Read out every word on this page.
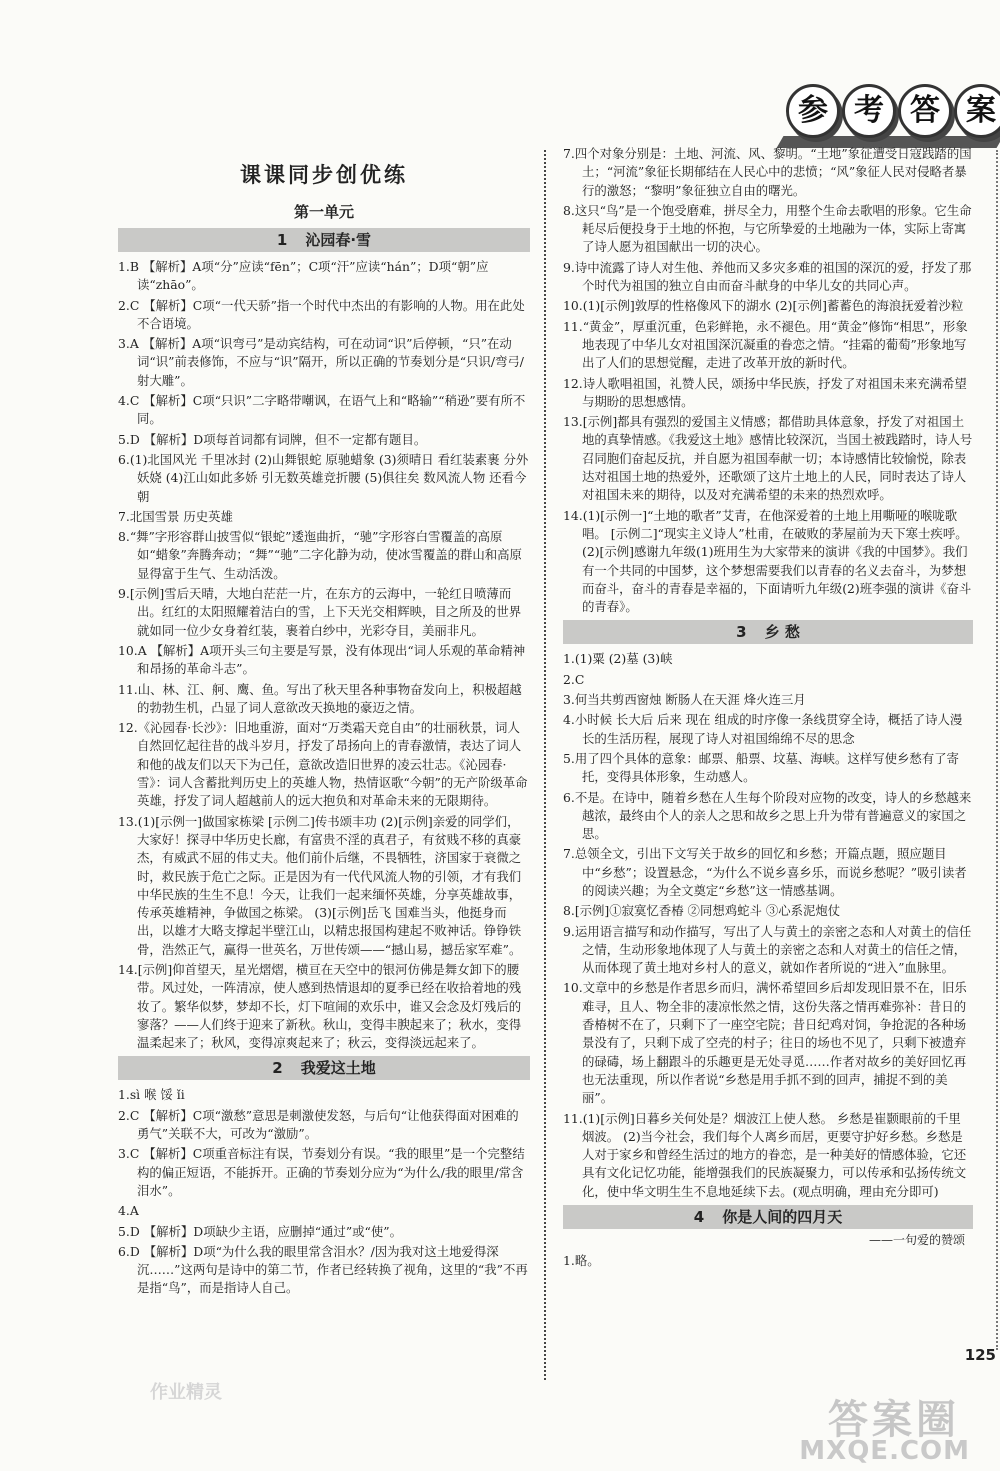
参 考 答 案
课课同步创优练
第一单元
1 沁园春·雪
1.B 【解析】A项“分”应读“fēn”；C项“汗”应读“hán”；D项“朝”应读“zhāo”。
2.C 【解析】C项“一代天骄”指一个时代中杰出的有影响的人物。用在此处不合语境。
3.A 【解析】A项“识弯弓”是动宾结构，可在动词“识”后停顿，“只”在动词“识”前表修饰，不应与“识”隔开，所以正确的节奏划分是“只识/弯弓/射大雕”。
4.C 【解析】C项“只识”二字略带嘲讽，在语气上和“略输”“稍逊”要有所不同。
5.D 【解析】D项每首词都有词牌，但不一定都有题目。
6.(1)北国风光 千里冰封 (2)山舞银蛇 原驰蜡象 (3)须晴日 看红装素裹 分外妖娆 (4)江山如此多娇 引无数英雄竞折腰 (5)俱往矣 数风流人物 还看今朝
7.北国雪景 历史英雄
8.“舞”字形容群山披雪似“银蛇”逶迤曲折，“驰”字形容白雪覆盖的高原如“蜡象”奔腾奔动；“舞”“驰”二字化静为动，使冰雪覆盖的群山和高原显得富于生气、生动活泼。
9.[示例]雪后天晴，大地白茫茫一片，在东方的云海中，一轮红日喷薄而出。红红的太阳照耀着洁白的雪，上下天光交相辉映，目之所及的世界就如同一位少女身着红装，裹着白纱中，光彩夺目，美丽非凡。
10.A 【解析】A项开头三句主要是写景，没有体现出“词人乐观的革命精神和昂扬的革命斗志”。
11.山、林、江、舸、鹰、鱼。写出了秋天里各种事物奋发向上，积极超越的勃勃生机，凸显了词人意欲改天换地的豪迈之情。
12.《沁园春·长沙》：旧地重游，面对“万类霜天竞自由”的壮丽秋景，词人自然回忆起往昔的战斗岁月，抒发了昂扬向上的青春激情，表达了词人和他的战友们以天下为己任，意欲改造旧世界的凌云壮志。《沁园春·雪》：词人含蓄批判历史上的英雄人物，热情讴歌“今朝”的无产阶级革命英雄，抒发了词人超越前人的远大抱负和对革命未来的无限期待。
13.(1)[示例一]做国家栋梁 [示例二]传书颂丰功 (2)[示例]亲爱的同学们，大家好！探寻中华历史长廊，有富贵不淫的真君子，有贫贱不移的真豪杰，有威武不屈的伟丈夫。他们前仆后继，不畏牺牲，济国家于衰微之时，救民族于危亡之际。正是因为有一代代风流人物的引领，才有我们中华民族的生生不息！今天，让我们一起来缅怀英雄，分享英雄故事，传承英雄精神，争做国之栋梁。 (3)[示例]岳飞 国难当头，他挺身而出，以雄才大略支撑起半壁江山，以精忠报国构建起不败神话。铮铮铁骨，浩然正气，赢得一世英名，万世传颂——“撼山易，撼岳家军难”。
14.[示例]仰首望天，星光熠熠，横亘在天空中的银河仿佛是舞女卸下的腰带。风过处，一阵清凉，使人感到热情退却的夏季已经在收拾着地的残妆了。繁华似梦，梦却不长，灯下喧闹的欢乐中，谁又会念及灯残后的寥落？——人们终于迎来了新秋。秋山，变得丰腴起来了；秋水，变得温柔起来了；秋风，变得凉爽起来了；秋云，变得淡远起来了。
2 我爱这土地
1.sì 喉 馁 ǐi
2.C 【解析】C项“激愁”意思是刺激使发怒，与后句“让他获得面对困难的勇气”关联不大，可改为“激励”。
3.C 【解析】C项重音标注有误，节奏划分有误。“我的眼里”是一个完整结构的偏正短语，不能拆开。正确的节奏划分应为“为什么/我的眼里/常含泪水”。
4.A
5.D 【解析】D项缺少主语，应删掉“通过”或“使”。
6.D 【解析】D项“为什么我的眼里常含泪水？/因为我对这土地爱得深沉……”这两句是诗中的第二节，作者已经转换了视角，这里的“我”不再是指“鸟”，而是指诗人自己。
7.四个对象分别是：土地、河流、风、黎明。“土地”象征遭受日寇践踏的国土；“河流”象征长期郁结在人民心中的悲愤；“风”象征人民对侵略者暴行的激怒；“黎明”象征独立自由的曙光。
8.这只“鸟”是一个饱受磨难，拼尽全力，用整个生命去歌唱的形象。它生命耗尽后便投身于土地的怀抱，与它所挚爱的土地融为一体，实际上寄寓了诗人愿为祖国献出一切的决心。
9.诗中流露了诗人对生他、养他而又多灾多难的祖国的深沉的爱，抒发了那个时代为祖国的独立自由而奋斗献身的中华儿女的共同心声。
10.(1)[示例]敦厚的性格像风下的湖水 (2)[示例]蓄蓄色的海浪抚爱着沙粒
11.“黄金”，厚重沉重，色彩鲜艳，永不褪色。用“黄金”修饰“相思”，形象地表现了中华儿女对祖国深沉凝重的眷恋之情。“挂霜的葡萄”形象地写出了人们的思想觉醒，走进了改革开放的新时代。
12.诗人歌唱祖国，礼赞人民，颂扬中华民族，抒发了对祖国未来充满希望与期盼的思想感情。
13.[示例]都具有强烈的爱国主义情感；都借助具体意象，抒发了对祖国土地的真挚情感。《我爱这土地》感情比较深沉，当国土被践踏时，诗人号召同胞们奋起反抗，并自愿为祖国奉献一切；本诗感情比较愉悦，除表达对祖国土地的热爱外，还歌颂了这片土地上的人民，同时表达了诗人对祖国未来的期待，以及对充满希望的未来的热烈欢呼。
14.(1)[示例一]“土地的歌者”艾青，在他深爱着的土地上用嘶哑的喉咙歌唱。 [示例二]“现实主义诗人”杜甫，在破败的茅屋前为天下寒士疾呼。 (2)[示例]感谢九年级(1)班用生为大家带来的演讲《我的中国梦》。我们有一个共同的中国梦，这个梦想需要我们以青春的名义去奋斗，为梦想而奋斗，奋斗的青春是幸福的，下面请听九年级(2)班李强的演讲《奋斗的青春》。
3 乡 愁
1.(1)粟 (2)墓 (3)峡
2.C
3.何当共剪西窗烛 断肠人在天涯 烽火连三月
4.小时候 长大后 后来 现在 组成的时序像一条线贯穿全诗，概括了诗人漫长的生活历程，展现了诗人对祖国绵绵不尽的思念
5.用了四个具体的意象：邮票、船票、坟墓、海峡。这样写使乡愁有了寄托，变得具体形象，生动感人。
6.不是。在诗中，随着乡愁在人生每个阶段对应物的改变，诗人的乡愁越来越浓，最终由个人的亲人之思和故乡之思上升为带有普遍意义的家国之思。
7.总领全文，引出下文写关于故乡的回忆和乡愁；开篇点题，照应题目中“乡愁”；设置悬念，“为什么不说乡喜乡乐，而说乡愁呢？”吸引读者的阅读兴趣；为全文奠定“乡愁”这一情感基调。
8.[示例]①寂寞忆香椿 ②同想鸡蛇斗 ③心系泥炮仗
9.运用语言描写和动作描写，写出了人与黄土的亲密之态和人对黄土的信任之情，生动形象地体现了人与黄土的亲密之态和人对黄土的信任之情，从而体现了黄土地对乡村人的意义，就如作者所说的“进入”血脉里。
10.文章中的乡愁是作者思乡而归，满怀希望回乡后却发现旧景不在，旧乐难寻，且人、物全非的凄凉怅然之情，这份失落之情再难弥补：昔日的香椿树不在了，只剩下了一座空宅院；昔日纪鸡对饲，争抢泥的各种场景没有了，只剩下成了空壳的村子；往日的场也不见了，只剩下被遗弃的碌碡，场上翻跟斗的乐趣更是无处寻觅……作者对故乡的美好回忆再也无法重现，所以作者说“乡愁是用手抓不到的回声，捕捉不到的美丽”。
11.(1)[示例]日暮乡关何处是？烟波江上使人愁。 乡愁是崔颢眼前的千里烟波。 (2)当今社会，我们每个人离乡而居，更要守护好乡愁。乡愁是人对于家乡和曾经生活过的地方的眷恋，是一种美好的情感体验，它还具有文化记忆功能，能增强我们的民族凝聚力，可以传承和弘扬传统文化，使中华文明生生不息地延续下去。(观点明确，理由充分即可)
4 你是人间的四月天
——一句爱的赞颂
1.略。
125
作业精灵
答案圈
MXQE.COM
